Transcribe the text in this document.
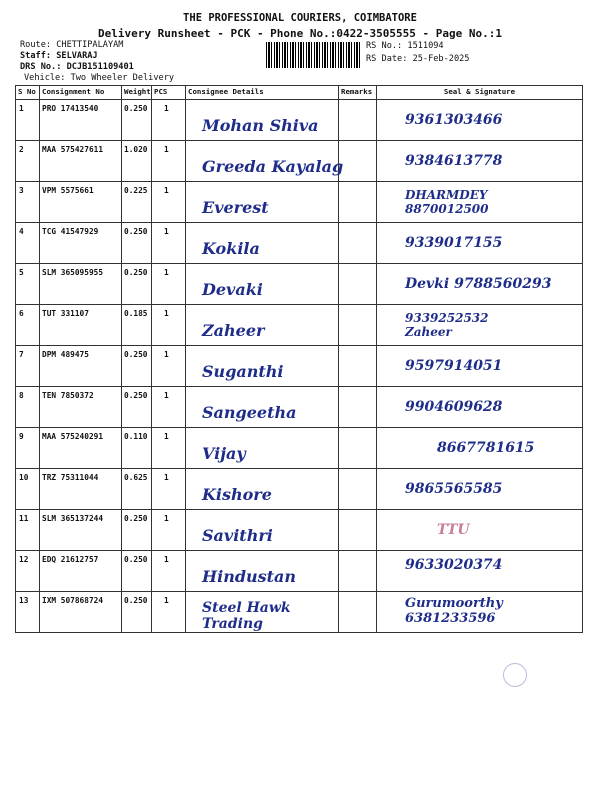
THE PROFESSIONAL COURIERS, COIMBATORE
Delivery Runsheet - PCK - Phone No.:0422-3505555 - Page No.:1
Route: CHETTIPALAYAM
Staff: SELVARAJ
DRS No.: DCJB151109401
Vehicle: Two Wheeler Delivery
RS No.: 1511094
RS Date: 25-Feb-2025
S No	Consignment No	Weight	PCS	Consignee Details	Remarks	Seal & Signature

1	PRO 17413540	0.250	1	Mohan Shiva		9361303466

2	MAA 575427611	1.020	1	Greeda Kayalag		9384613778

3	VPM 5575661	0.225	1	Everest		DHARMDEY 8870012500

4	TCG 41547929	0.250	1	Kokila		9339017155

5	SLM 365095955	0.250	1	Devaki		Devki 9788560293

6	TUT 331107	0.185	1	Zaheer		9339252532 Zaheer

7	DPM 489475	0.250	1	Suganthi		9597914051

8	TEN 7850372	0.250	1	Sangeetha		9904609628

9	MAA 575240291	0.110	1	Vijay		8667781615

10	TRZ 75311044	0.625	1	Kishore		9865565585

11	SLM 365137244	0.250	1	Savithri		TTU

12	EDQ 21612757	0.250	1	Hindustan		9633020374

13	IXM 507868724	0.250	1	Steel Hawk Trading		Gurumoorthy 6381233596
